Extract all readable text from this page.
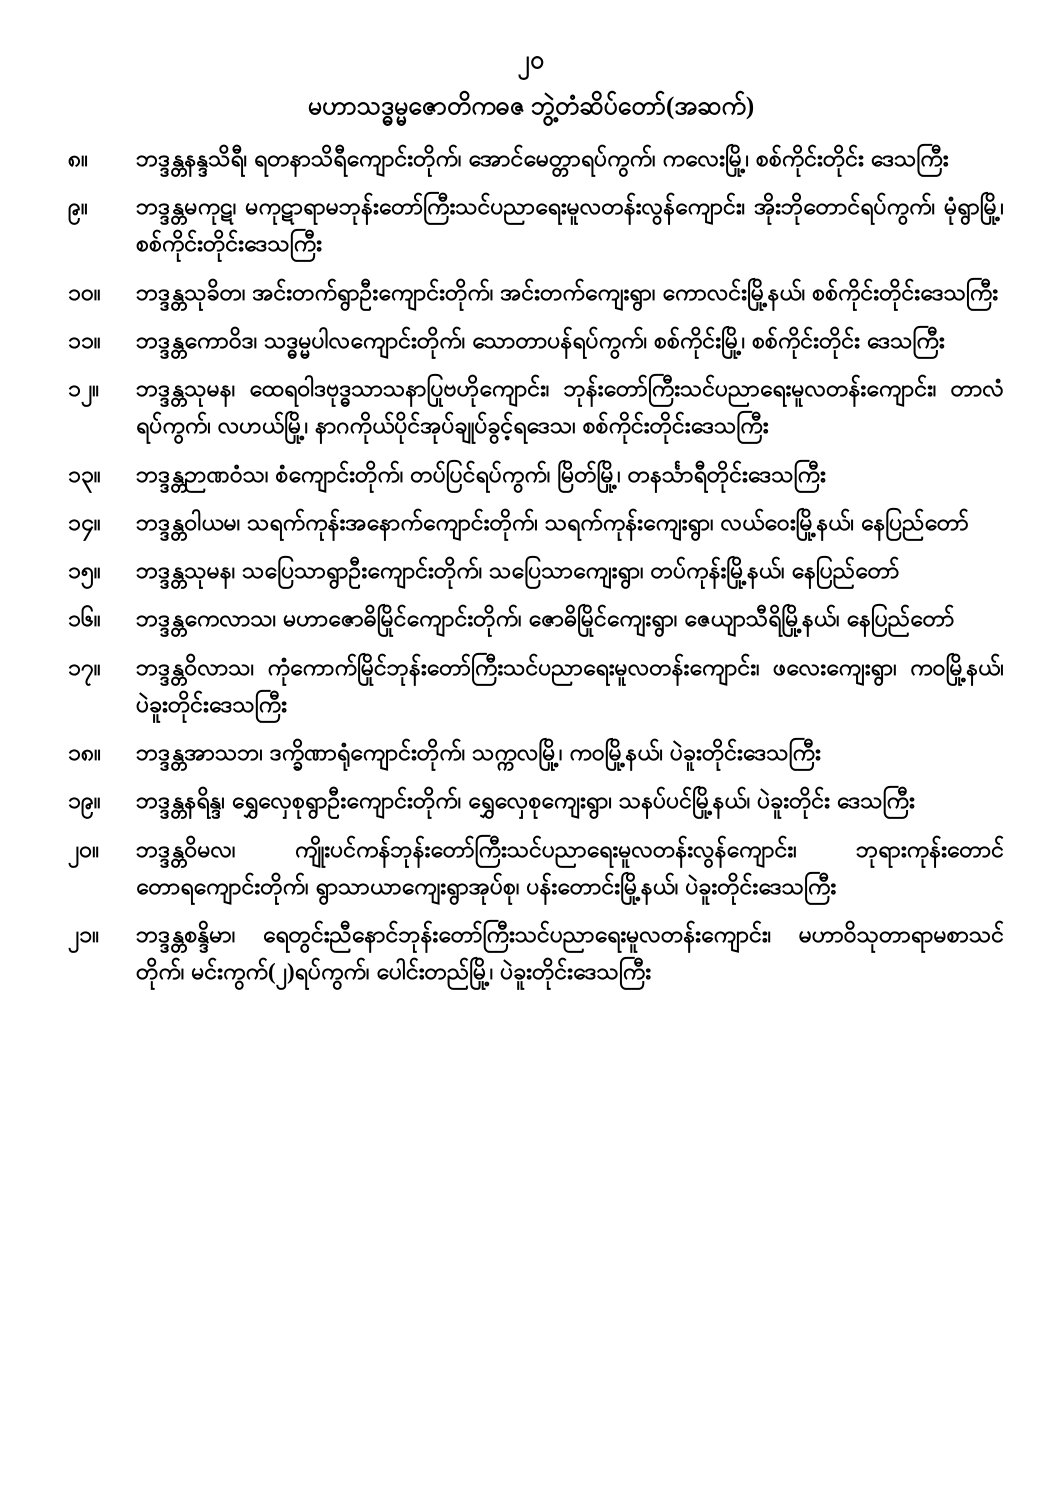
၂၀
မဟာသဒ္ဓမ္မဇောတိကဓဇ ဘွဲ့တံဆိပ်တော်(အဆက်)
၈။	ဘဒ္ဒန္တနန္ဒသိရီ၊ ရတနာသိရီကျောင်းတိုက်၊ အောင်မေတ္တာရပ်ကွက်၊ ကလေးမြို့၊ စစ်ကိုင်းတိုင်း ဒေသကြီး
၉။	ဘဒ္ဒန္တမကုဋ၊ မကုဋာရာမဘုန်းတော်ကြီးသင်ပညာရေးမူလတန်းလွန်ကျောင်း၊ အိုးဘိုတောင်ရပ်ကွက်၊ မုံရွာမြို့၊ စစ်ကိုင်းတိုင်းဒေသကြီး
၁၀။	ဘဒ္ဒန္တသုခိတ၊ အင်းတက်ရွာဦးကျောင်းတိုက်၊ အင်းတက်ကျေးရွာ၊ ကောလင်းမြို့နယ်၊ စစ်ကိုင်းတိုင်းဒေသကြီး
၁၁။	ဘဒ္ဒန္တကောဝိဒ၊ သဒ္ဓမ္မပါလကျောင်းတိုက်၊ သောတာပန်ရပ်ကွက်၊ စစ်ကိုင်းမြို့၊ စစ်ကိုင်းတိုင်း ဒေသကြီး
၁၂။	ဘဒ္ဒန္တသုမန၊ ထေရဝါဒဗုဒ္ဓသာသနာပြုဗဟိုကျောင်း၊ ဘုန်းတော်ကြီးသင်ပညာရေးမူလတန်းကျောင်း၊ တာလံရပ်ကွက်၊ လဟယ်မြို့၊ နာဂကိုယ်ပိုင်အုပ်ချုပ်ခွင့်ရဒေသ၊ စစ်ကိုင်းတိုင်းဒေသကြီး
၁၃။	ဘဒ္ဒန္တဉာဏဝံသ၊ စံကျောင်းတိုက်၊ တပ်ပြင်ရပ်ကွက်၊ မြိတ်မြို့၊ တနင်္သာရီတိုင်းဒေသကြီး
၁၄။	ဘဒ္ဒန္တဝါယမ၊ သရက်ကုန်းအနောက်ကျောင်းတိုက်၊ သရက်ကုန်းကျေးရွာ၊ လယ်ဝေးမြို့နယ်၊ နေပြည်တော်
၁၅။	ဘဒ္ဒန္တသုမန၊ သပြေသာရွာဦးကျောင်းတိုက်၊ သပြေသာကျေးရွာ၊ တပ်ကုန်းမြို့နယ်၊ နေပြည်တော်
၁၆။	ဘဒ္ဒန္တကေလာသ၊ မဟာဇောဓိမြိုင်ကျောင်းတိုက်၊ ဇောဓိမြိုင်ကျေးရွာ၊ ဇေယျာသီရိမြို့နယ်၊ နေပြည်တော်
၁၇။	ဘဒ္ဒန္တဝိလာသ၊ ကုံကောက်မြိုင်ဘုန်းတော်ကြီးသင်ပညာရေးမူလတန်းကျောင်း၊ ဖလေးကျေးရွာ၊ ကဝမြို့နယ်၊ ပဲခူးတိုင်းဒေသကြီး
၁၈။	ဘဒ္ဒန္တအာသဘ၊ ဒက္ခိဏာရုံကျောင်းတိုက်၊ သက္ကလမြို့၊ ကဝမြို့နယ်၊ ပဲခူးတိုင်းဒေသကြီး
၁၉။	ဘဒ္ဒန္တနရိန္ဒ၊ ရွှေလှေစုရွာဦးကျောင်းတိုက်၊ ရွှေလှေစုကျေးရွာ၊ သနပ်ပင်မြို့နယ်၊ ပဲခူးတိုင်း ဒေသကြီး
၂၀။	ဘဒ္ဒန္တဝိမလ၊ ကျိုးပင်ကန်ဘုန်းတော်ကြီးသင်ပညာရေးမူလတန်းလွန်ကျောင်း၊ ဘုရားကုန်းတောင် တောရကျောင်းတိုက်၊ ရွာသာယာကျေးရွာအုပ်စု၊ ပန်းတောင်းမြို့နယ်၊ ပဲခူးတိုင်းဒေသကြီး
၂၁။	ဘဒ္ဒန္တစန္ဒိမာ၊ ရေတွင်းညီနောင်ဘုန်းတော်ကြီးသင်ပညာရေးမူလတန်းကျောင်း၊ မဟာဝိသုတာရာမစာသင်တိုက်၊ မင်းကွက်(၂)ရပ်ကွက်၊ ပေါင်းတည်မြို့၊ ပဲခူးတိုင်းဒေသကြီး
